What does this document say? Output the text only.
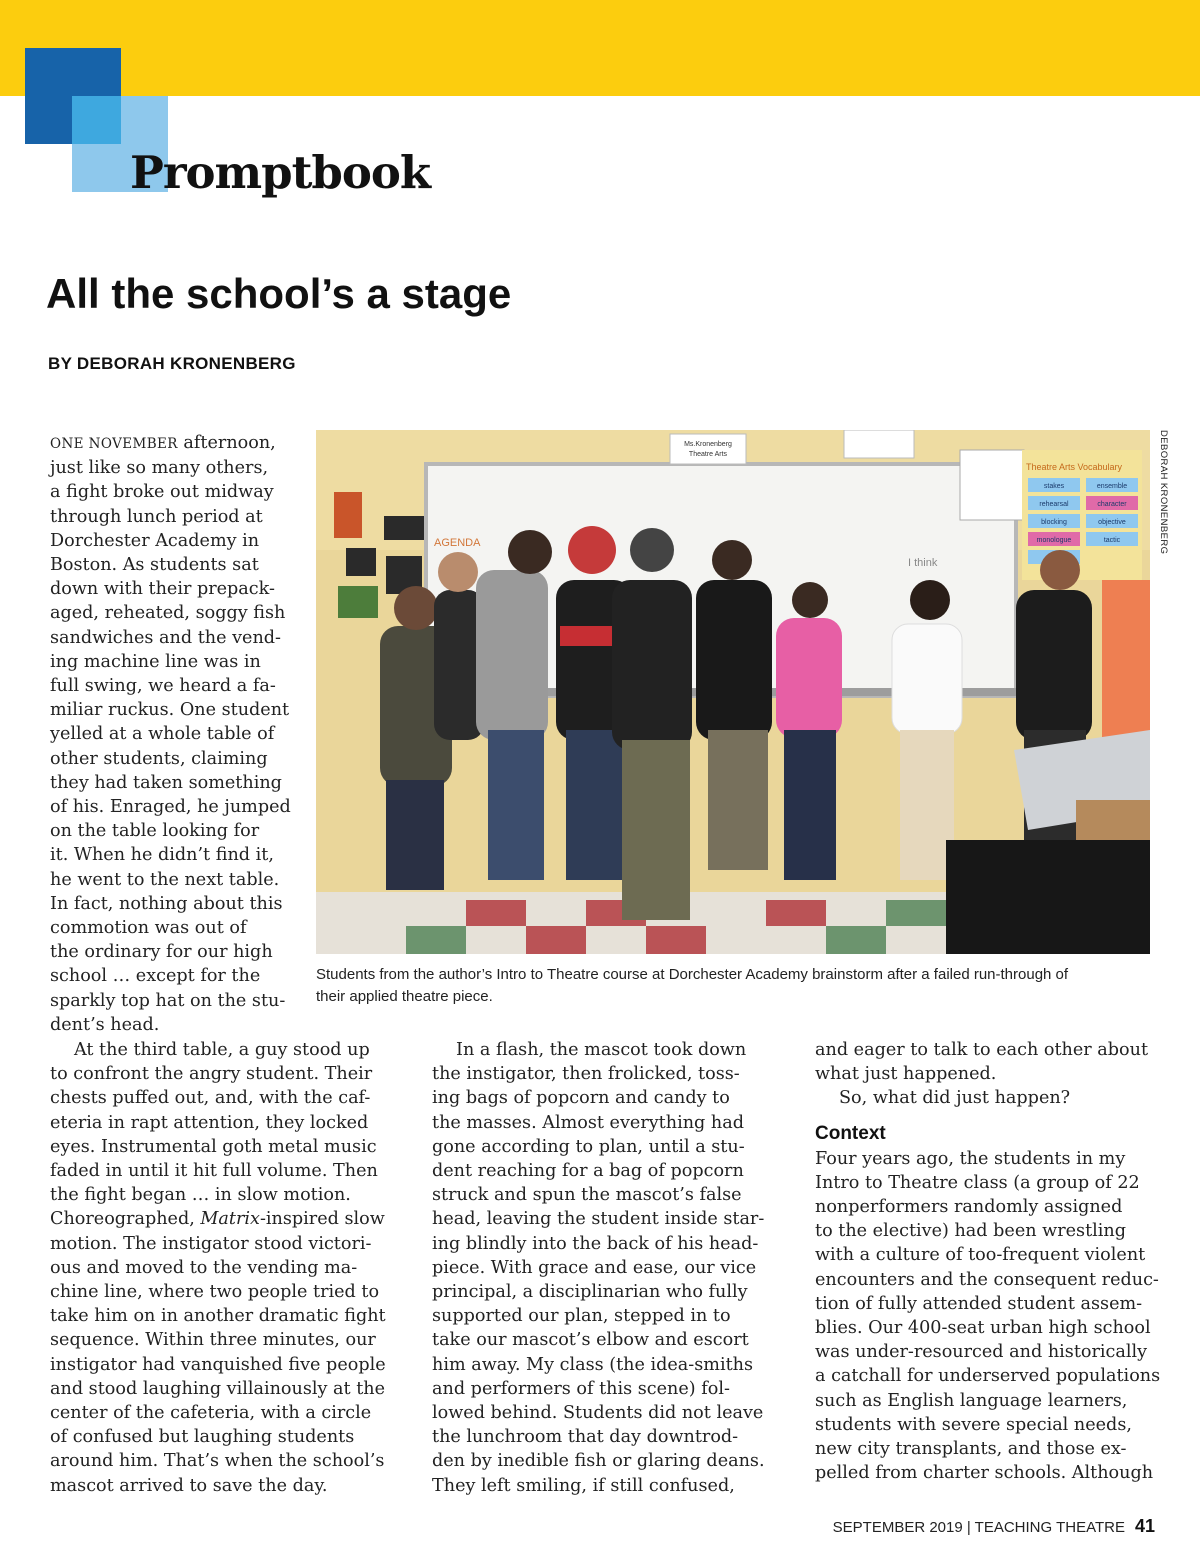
Promptbook
All the school’s a stage
BY DEBORAH KRONENBERG
ONE NOVEMBER afternoon,
just like so many others,
a fight broke out midway
through lunch period at
Dorchester Academy in
Boston. As students sat
down with their prepack-
aged, reheated, soggy fish
sandwiches and the vend-
ing machine line was in
full swing, we heard a fa-
miliar ruckus. One student
yelled at a whole table of
other students, claiming
they had taken something
of his. Enraged, he jumped
on the table looking for
it. When he didn’t find it,
he went to the next table.
In fact, nothing about this
commotion was out of
the ordinary for our high
school … except for the
sparkly top hat on the stu-
dent’s head.
Ms.Kronenberg
Theatre Arts
AGENDA
I think
Theatre Arts Vocabulary
stakes	ensemble
rehearsal	character
blocking	objective
monologue	tactic	DEBORAH KRONENBERG
Students from the author’s Intro to Theatre course at Dorchester Academy brainstorm after a failed run-through of
their applied theatre piece.
At the third table, a guy stood up
to confront the angry student. Their
chests puffed out, and, with the caf-
eteria in rapt attention, they locked
eyes. Instrumental goth metal music
faded in until it hit full volume. Then
the fight began … in slow motion.
Choreographed, Matrix-inspired slow
motion. The instigator stood victori-
ous and moved to the vending ma-
chine line, where two people tried to
take him on in another dramatic fight
sequence. Within three minutes, our
instigator had vanquished five people
and stood laughing villainously at the
center of the cafeteria, with a circle
of confused but laughing students
around him. That’s when the school’s
mascot arrived to save the day.
In a flash, the mascot took down
the instigator, then frolicked, toss-
ing bags of popcorn and candy to
the masses. Almost everything had
gone according to plan, until a stu-
dent reaching for a bag of popcorn
struck and spun the mascot’s false
head, leaving the student inside star-
ing blindly into the back of his head-
piece. With grace and ease, our vice
principal, a disciplinarian who fully
supported our plan, stepped in to
take our mascot’s elbow and escort
him away. My class (the idea-smiths
and performers of this scene) fol-
lowed behind. Students did not leave
the lunchroom that day downtrod-
den by inedible fish or glaring deans.
They left smiling, if still confused,
and eager to talk to each other about
what just happened.
So, what did just happen?
Context
Four years ago, the students in my
Intro to Theatre class (a group of 22
nonperformers randomly assigned
to the elective) had been wrestling
with a culture of too-frequent violent
encounters and the consequent reduc-
tion of fully attended student assem-
blies. Our 400-seat urban high school
was under-resourced and historically
a catchall for underserved populations
such as English language learners,
students with severe special needs,
new city transplants, and those ex-
pelled from charter schools. Although
SEPTEMBER 2019 | TEACHING THEATRE 41
